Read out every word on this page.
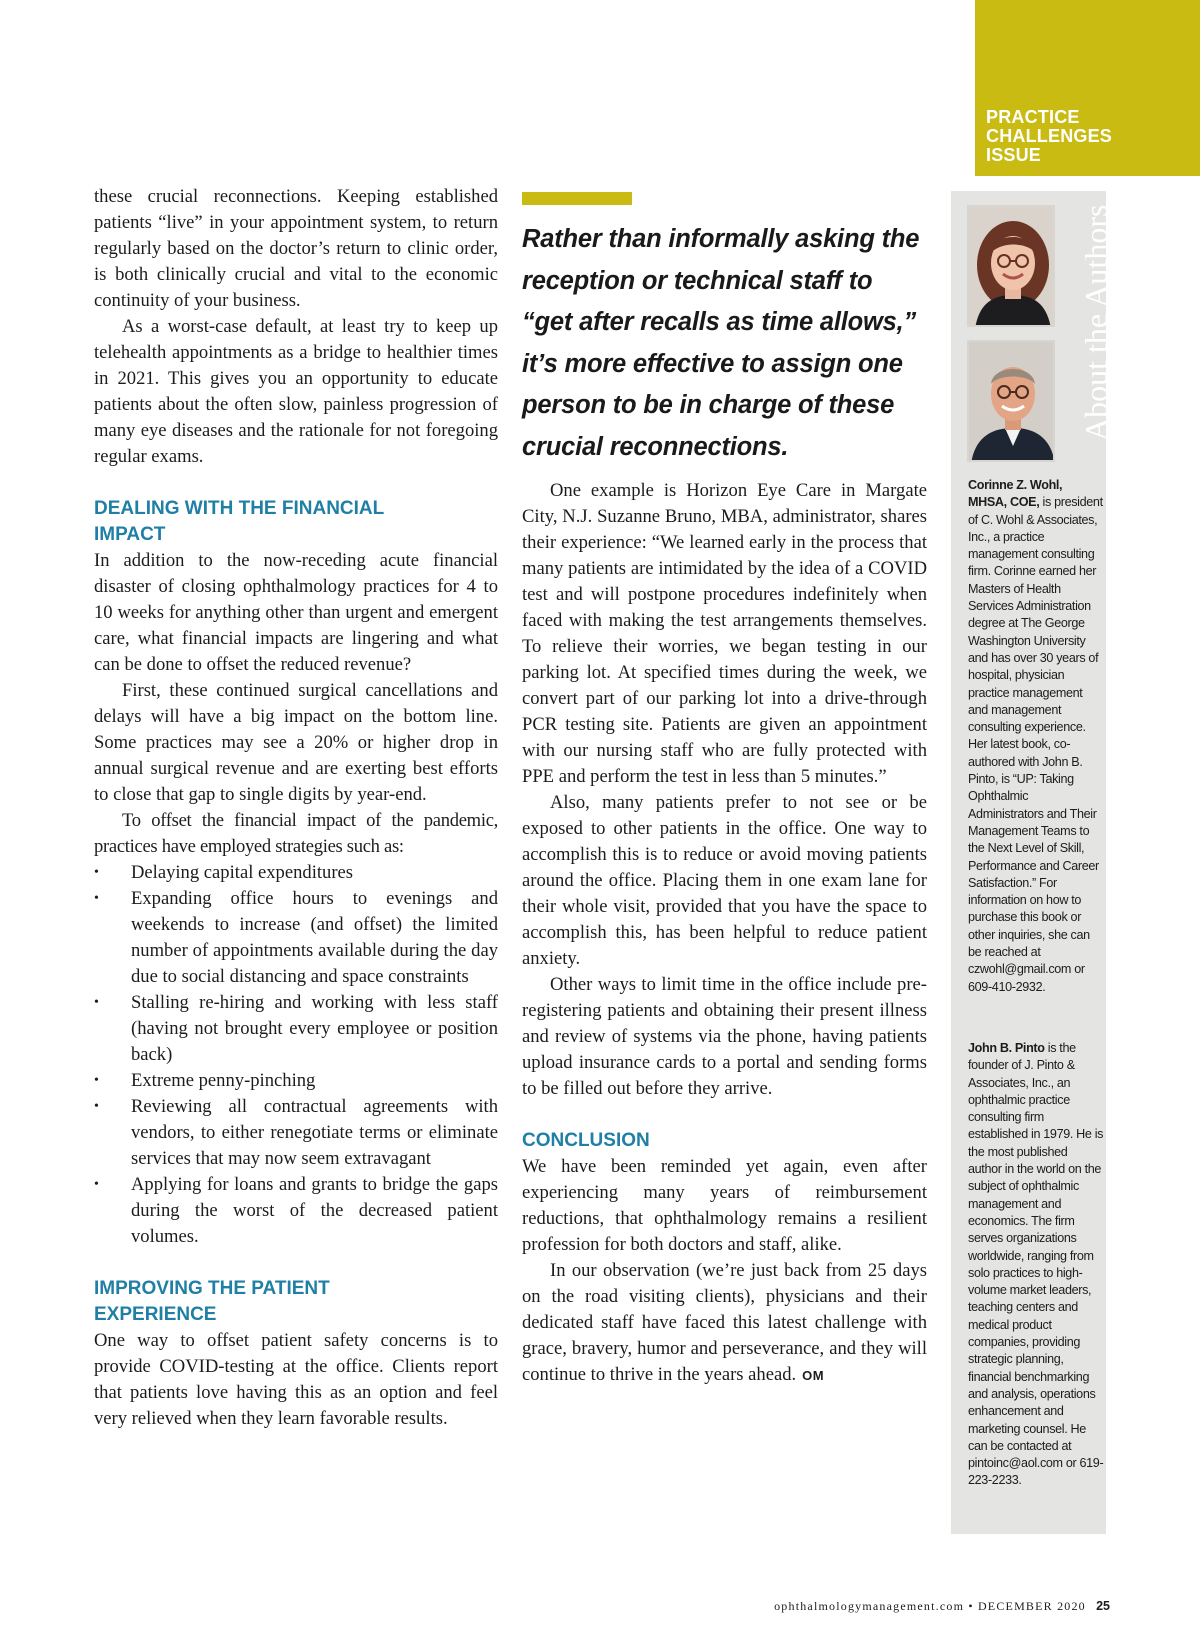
PRACTICE
CHALLENGES
ISSUE

these crucial reconnections. Keeping established patients “live” in your appointment system, to return regularly based on the doctor’s return to clinic order, is both clinically crucial and vital to the economic continuity of your business.

As a worst-case default, at least try to keep up telehealth appointments as a bridge to healthier times in 2021. This gives you an opportunity to educate patients about the often slow, painless progression of many eye diseases and the rationale for not foregoing regular exams.

DEALING WITH THE FINANCIAL
IMPACT

In addition to the now-receding acute financial disaster of closing ophthalmology practices for 4 to 10 weeks for anything other than urgent and emergent care, what financial impacts are lingering and what can be done to offset the reduced revenue?

First, these continued surgical cancellations and delays will have a big impact on the bottom line. Some practices may see a 20% or higher drop in annual surgical revenue and are exerting best efforts to close that gap to single digits by year-end.

To offset the financial impact of the pandemic, practices have employed strategies such as:

• Delaying capital expenditures
• Expanding office hours to evenings and weekends to increase (and offset) the limited number of appointments available during the day due to social distancing and space constraints
• Stalling re-hiring and working with less staff (having not brought every employee or position back)
• Extreme penny-pinching
• Reviewing all contractual agreements with vendors, to either renegotiate terms or eliminate services that may now seem extravagant
• Applying for loans and grants to bridge the gaps during the worst of the decreased patient volumes.
IMPROVING THE PATIENT
EXPERIENCE

One way to offset patient safety concerns is to provide COVID-testing at the office. Clients report that patients love having this as an option and feel very relieved when they learn favorable results.

Rather than informally asking the reception or technical staff to “get after recalls as time allows,” it’s more effective to assign one person to be in charge of these crucial reconnections.

One example is Horizon Eye Care in Margate City, N.J. Suzanne Bruno, MBA, administrator, shares their experience: “We learned early in the process that many patients are intimidated by the idea of a COVID test and will postpone procedures indefinitely when faced with making the test arrangements themselves. To relieve their worries, we began testing in our parking lot. At specified times during the week, we convert part of our parking lot into a drive-through PCR testing site. Patients are given an appointment with our nursing staff who are fully protected with PPE and perform the test in less than 5 minutes.”

Also, many patients prefer to not see or be exposed to other patients in the office. One way to accomplish this is to reduce or avoid moving patients around the office. Placing them in one exam lane for their whole visit, provided that you have the space to accomplish this, has been helpful to reduce patient anxiety.

Other ways to limit time in the office include pre-registering patients and obtaining their present illness and review of systems via the phone, having patients upload insurance cards to a portal and sending forms to be filled out before they arrive.

CONCLUSION

We have been reminded yet again, even after experiencing many years of reimbursement reductions, that ophthalmology remains a resilient profession for both doctors and staff, alike.

In our observation (we’re just back from 25 days on the road visiting clients), physicians and their dedicated staff have faced this latest challenge with grace, bravery, humor and perseverance, and they will continue to thrive in the years ahead. OM

About the Authors
Corinne Z. Wohl, MHSA, COE, is president of C. Wohl & Associates, Inc., a practice management consulting firm. Corinne earned her Masters of Health Services Administration degree at The George Washington University and has over 30 years of hospital, physician practice management and management consulting experience. Her latest book, co-authored with John B. Pinto, is “UP: Taking Ophthalmic Administrators and Their Management Teams to the Next Level of Skill, Performance and Career Satisfaction.” For information on how to purchase this book or other inquiries, she can be reached at czwohl@gmail.com or 609-410-2932.
John B. Pinto is the founder of J. Pinto & Associates, Inc., an ophthalmic practice consulting firm established in 1979. He is the most published author in the world on the subject of ophthalmic management and economics. The firm serves organizations worldwide, ranging from solo practices to high-volume market leaders, teaching centers and medical product companies, providing strategic planning, financial benchmarking and analysis, operations enhancement and marketing counsel. He can be contacted at pintoinc@aol.com or 619-223-2233.
ophthalmologymanagement.com • DECEMBER 2020 25
